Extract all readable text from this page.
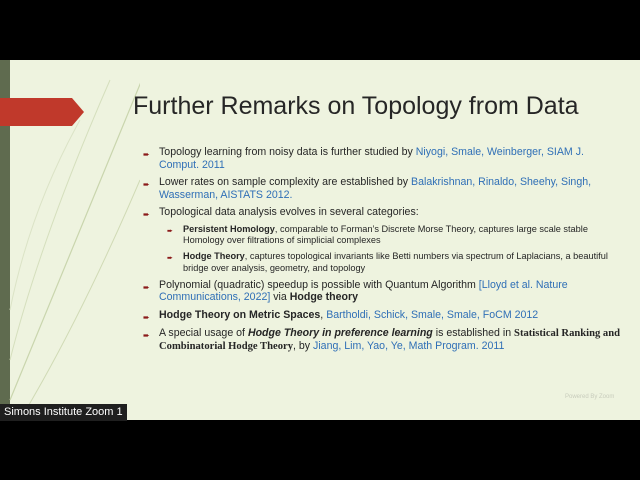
Further Remarks on Topology from Data
➨ Topology learning from noisy data is further studied by Niyogi, Smale, Weinberger, SIAM J. Comput. 2011
➨ Lower rates on sample complexity are established by Balakrishnan, Rinaldo, Sheehy, Singh, Wasserman, AISTATS 2012.
➨ Topological data analysis evolves in several categories:
➨ Persistent Homology, comparable to Forman’s Discrete Morse Theory, captures large scale stable Homology over filtrations of simplicial complexes
➨ Hodge Theory, captures topological invariants like Betti numbers via spectrum of Laplacians, a beautiful bridge over analysis, geometry, and topology
➨ Polynomial (quadratic) speedup is possible with Quantum Algorithm [Lloyd et al. Nature Communications, 2022] via Hodge theory
➨ Hodge Theory on Metric Spaces, Bartholdi, Schick, Smale, Smale, FoCM 2012
➨ A special usage of Hodge Theory in preference learning is established in Statistical Ranking and Combinatorial Hodge Theory, by Jiang, Lim, Yao, Ye, Math Program. 2011
Powered By Zoom
Simons Institute Zoom 1
